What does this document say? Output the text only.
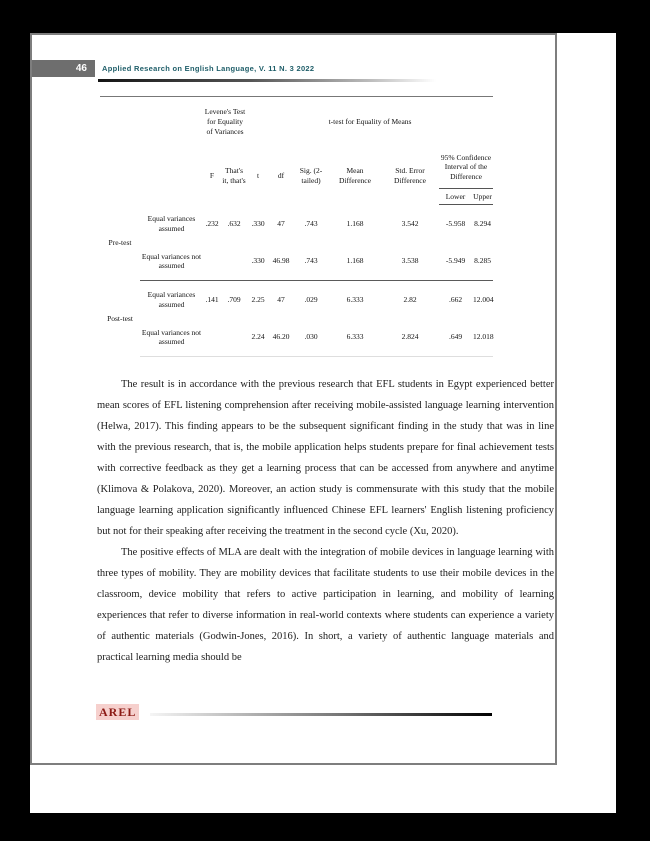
46	Applied Research on English Language, V. 11 N. 3 2022
		Levene's Test for Equality of Variances		t-test for Equality of Means						
		F	That's it, that's	t	df	Sig. (2-tailed)	Mean Difference	Std. Error Difference	95% Confidence Interval of the Difference	
									Lower	Upper
Pre-test	Equal variances assumed	.232	.632	.330	47	.743	1.168	3.542	-5.958	8.294
	Equal variances not assumed			.330	46.98	.743	1.168	3.538	-5.949	8.285
Post-test	Equal variances assumed	.141	.709	2.25	47	.029	6.333	2.82	.662	12.004
	Equal variances not assumed			2.24	46.20	.030	6.333	2.824	.649	12.018

The result is in accordance with the previous research that EFL students in Egypt experienced better mean scores of EFL listening comprehension after receiving mobile-assisted language learning intervention (Helwa, 2017). This finding appears to be the subsequent significant finding in the study that was in line with the previous research, that is, the mobile application helps students prepare for final achievement tests with corrective feedback as they get a learning process that can be accessed from anywhere and anytime (Klimova & Polakova, 2020). Moreover, an action study is commensurate with this study that the mobile language learning application significantly influenced Chinese EFL learners' English listening proficiency but not for their speaking after receiving the treatment in the second cycle (Xu, 2020).

The positive effects of MLA are dealt with the integration of mobile devices in language learning with three types of mobility. They are mobility devices that facilitate students to use their mobile devices in the classroom, device mobility that refers to active participation in learning, and mobility of learning experiences that refer to diverse information in real-world contexts where students can experience a variety of authentic materials (Godwin-Jones, 2016). In short, a variety of authentic language materials and practical learning media should be

AREL
